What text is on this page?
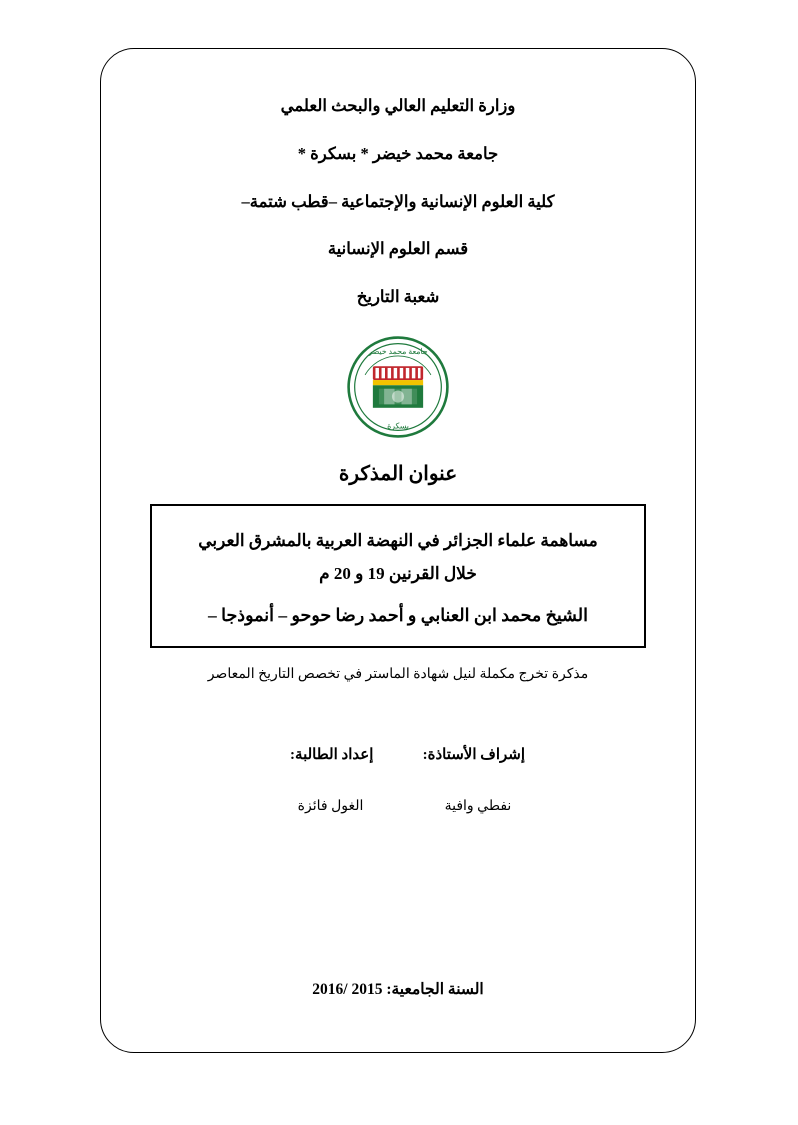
وزارة التعليم العالي والبحث العلمي
جامعة محمد خيضر * بسكرة *
كلية العلوم الإنسانية والإجتماعية –قطب شتمة–
قسم العلوم الإنسانية
شعبة التاريخ
جامعة محمد خيضر
بسكرة
عنوان المذكرة
مساهمة علماء الجزائر في النهضة العربية بالمشرق العربي
خلال القرنين 19 و 20 م
الشيخ محمد ابن العنابي و أحمد رضا حوحو – أنموذجا –
مذكرة تخرج مكملة لنيل شهادة الماستر في تخصص التاريخ المعاصر
إعداد الطالبة:
الغول فائزة
إشراف الأستاذة:
نفطي وافية
السنة الجامعية: 2015 /2016
